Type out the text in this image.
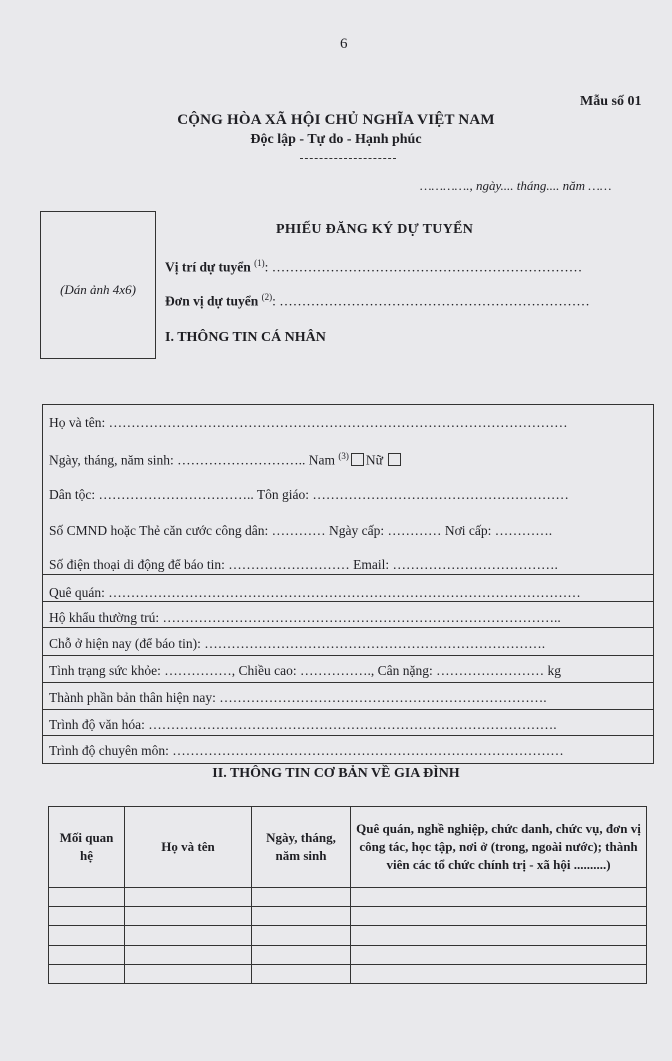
6
Mẫu số 01
CỘNG HÒA XÃ HỘI CHỦ NGHĨA VIỆT NAM
Độc lập - Tự do - Hạnh phúc
…………., ngày.... tháng.... năm ……
(Dán ảnh 4x6)
PHIẾU ĐĂNG KÝ DỰ TUYỂN
Vị trí dự tuyển $^{(1)}$: ……………………………………………………………
Đơn vị dự tuyển $^{(2)}$: ……………………………………………………………
I. THÔNG TIN CÁ NHÂN
Họ và tên: …………………………………………………………………………………………
Ngày, tháng, năm sinh: ……………………….. Nam $^{(3)}$ Nữ
Dân tộc: …………………………….. Tôn giáo: …………………………………………………
Số CMND hoặc Thẻ căn cước công dân: ………… Ngày cấp: ………… Nơi cấp: ………….
Số điện thoại di động để báo tin: ……………………… Email: ……………………………….
Quê quán: ……………………………………………………………………………………………
Hộ khẩu thường trú: ……………………………………………………………………………..
Chỗ ở hiện nay (để báo tin): ………………………………………………………………….
Tình trạng sức khỏe: ……………, Chiều cao: ……………., Cân nặng: …………………… kg
Thành phần bản thân hiện nay: ……………………………………………………………….
Trình độ văn hóa: ……………………………………………………………………………….
Trình độ chuyên môn: ……………………………………………………………………………
II. THÔNG TIN CƠ BẢN VỀ GIA ĐÌNH
Mối quan hệ	Họ và tên	Ngày, tháng, năm sinh	Quê quán, nghề nghiệp, chức danh, chức vụ, đơn vị công tác, học tập, nơi ở (trong, ngoài nước); thành viên các tổ chức chính trị - xã hội ..........)
